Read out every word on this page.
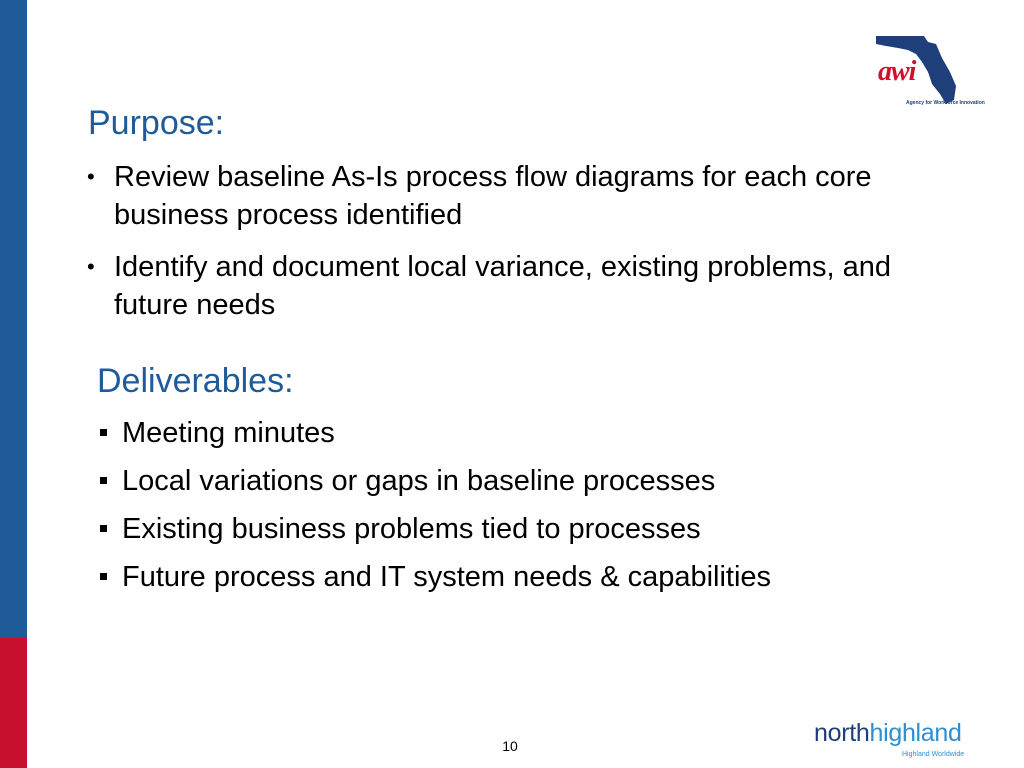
awi
Agency for Workforce Innovation
Purpose:
• Review baseline As-Is process flow diagrams for each core business process identified
• Identify and document local variance, existing problems, and future needs
Deliverables:
Meeting minutes
Local variations or gaps in baseline processes
Existing business problems tied to processes
Future process and IT system needs & capabilities
10	northhighland
Highland Worldwide
